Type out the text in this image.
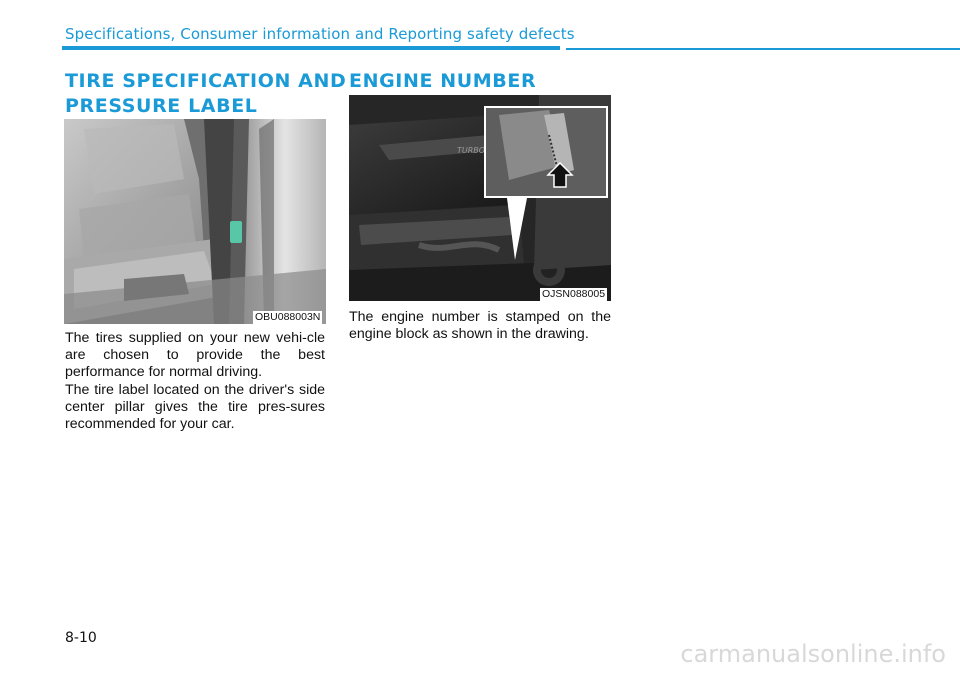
Specifications, Consumer information and Reporting safety defects
TIRE SPECIFICATION AND
PRESSURE LABEL
OBU088003N

The tires supplied on your new vehi-cle are chosen to provide the best performance for normal driving.

The tire label located on the driver's side center pillar gives the tire pres-sures recommended for your car.

ENGINE NUMBER
TURBO
OJSN088005

The engine number is stamped on the engine block as shown in the drawing.

8-10
carmanualsonline.info
